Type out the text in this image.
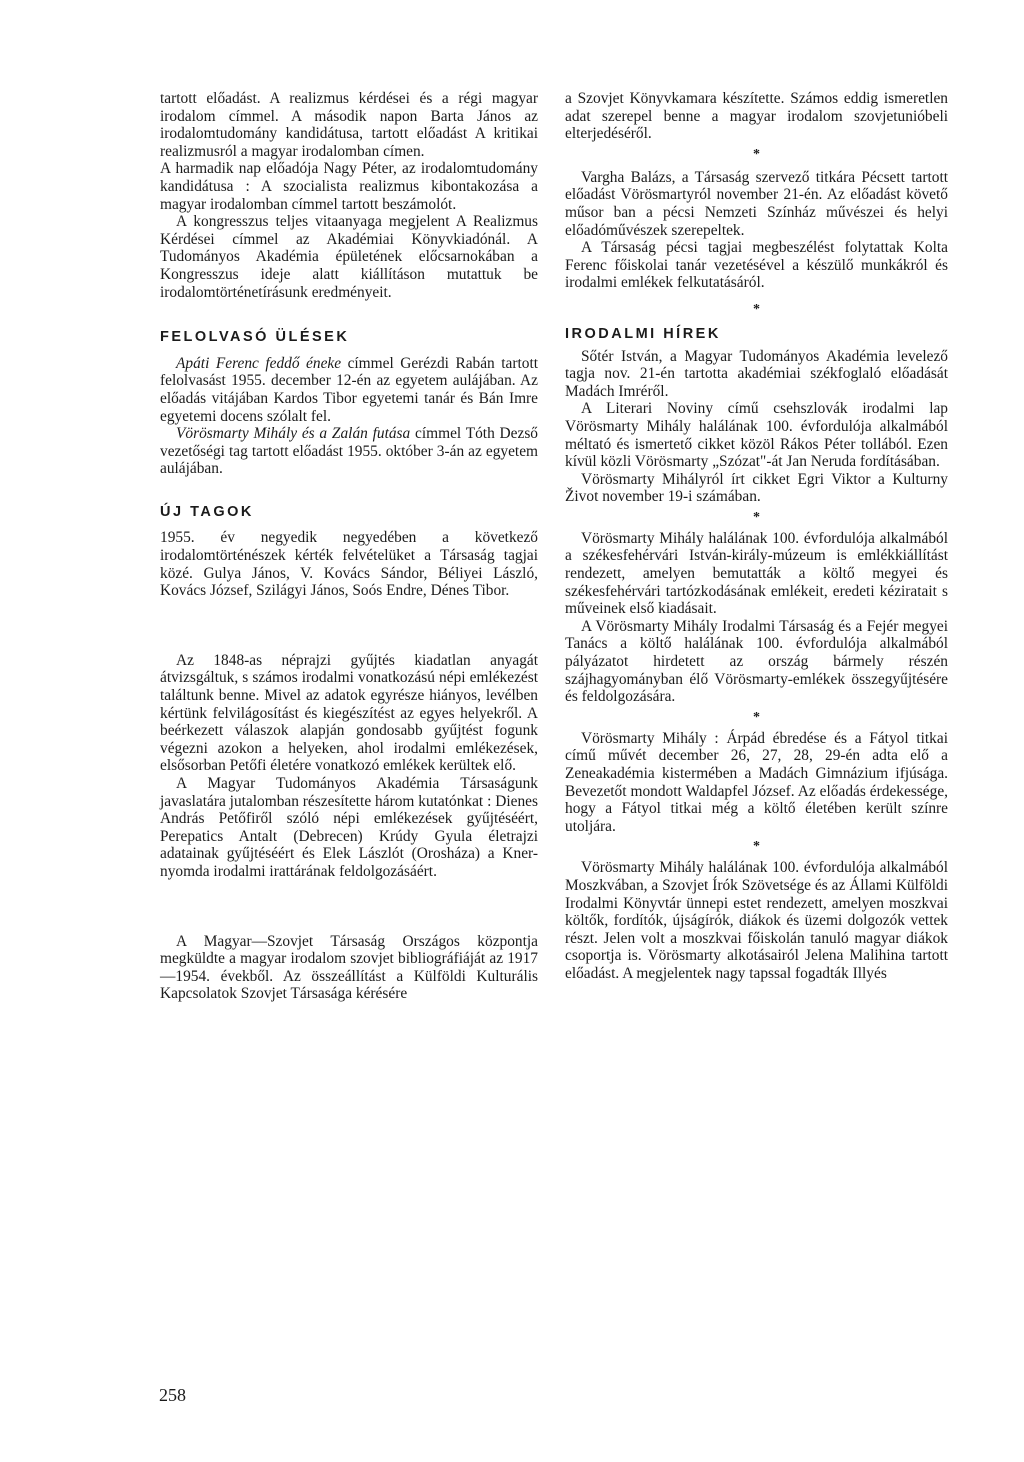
tartott előadást. A realizmus kérdései és a régi magyar irodalom címmel. A második napon Barta János az irodalomtudomány kandidátusa, tartott előadást A kritikai realizmusról a magyar irodalomban címen.

A harmadik nap előadója Nagy Péter, az irodalomtudomány kandidátusa : A szocialista realizmus kibontakozása a magyar irodalomban címmel tartott beszámolót.

A kongresszus teljes vitaanyaga megjelent A Realizmus Kérdései címmel az Akadémiai Könyvkiadónál. A Tudományos Akadémia épületének előcsarnokában a Kongresszus ideje alatt kiállításon mutattuk be irodalomtörténetírásunk eredményeit.

FELOLVASÓ ÜLÉSEK

Apáti Ferenc feddő éneke címmel Gerézdi Rabán tartott felolvasást 1955. december 12-én az egyetem aulájában. Az előadás vitájában Kardos Tibor egyetemi tanár és Bán Imre egyetemi docens szólalt fel.

Vörösmarty Mihály és a Zalán futása címmel Tóth Dezső vezetőségi tag tartott előadást 1955. október 3-án az egyetem aulájában.

ÚJ TAGOK

1955. év negyedik negyedében a következő irodalomtörténészek kérték felvételüket a Társaság tagjai közé. Gulya János, V. Kovács Sándor, Béliyei László, Kovács József, Szilágyi János, Soós Endre, Dénes Tibor.

Az 1848-as néprajzi gyűjtés kiadatlan anyagát átvizsgáltuk, s számos irodalmi vonatkozású népi emlékezést találtunk benne. Mivel az adatok egyrésze hiányos, levélben kértünk felvilágosítást és kiegészítést az egyes helyekről. A beérkezett válaszok alapján gondosabb gyűjtést fogunk végezni azokon a helyeken, ahol irodalmi emlékezések, elsősorban Petőfi életére vonatkozó emlékek kerültek elő.

A Magyar Tudományos Akadémia Társaságunk javaslatára jutalomban részesítette három kutatónkat : Dienes András Petőfiről szóló népi emlékezések gyűjtéséért, Perepatics Antalt (Debrecen) Krúdy Gyula életrajzi adatainak gyűjtéséért és Elek Lászlót (Orosháza) a Kner-nyomda irodalmi irattárának feldolgozásáért.

A Magyar—Szovjet Társaság Országos központja megküldte a magyar irodalom szovjet bibliográfiáját az 1917—1954. évekből. Az összeállítást a Külföldi Kulturális Kapcsolatok Szovjet Társasága kérésére

a Szovjet Könyvkamara készítette. Számos eddig ismeretlen adat szerepel benne a magyar irodalom szovjetunióbeli elterjedéséről.

*

Vargha Balázs, a Társaság szervező titkára Pécsett tartott előadást Vörösmartyról november 21-én. Az előadást követő műsor ban a pécsi Nemzeti Színház művészei és helyi előadóművészek szerepeltek.

A Társaság pécsi tagjai megbeszélést folytattak Kolta Ferenc főiskolai tanár vezetésével a készülő munkákról és irodalmi emlékek felkutatásáról.

*

IRODALMI HÍREK

Sőtér István, a Magyar Tudományos Akadémia levelező tagja nov. 21-én tartotta akadémiai székfoglaló előadását Madách Imréről.

A Literari Noviny című csehszlovák irodalmi lap Vörösmarty Mihály halálának 100. évfordulója alkalmából méltató és ismertető cikket közöl Rákos Péter tollából. Ezen kívül közli Vörösmarty „Szózat"-át Jan Neruda fordításában.

Vörösmarty Mihályról írt cikket Egri Viktor a Kulturny Život november 19-i számában.

*

Vörösmarty Mihály halálának 100. évfordulója alkalmából a székesfehérvári István-király-múzeum is emlékkiállítást rendezett, amelyen bemutatták a költő megyei és székesfehérvári tartózkodásának emlékeit, eredeti kéziratait s műveinek első kiadásait.

A Vörösmarty Mihály Irodalmi Társaság és a Fejér megyei Tanács a költő halálának 100. évfordulója alkalmából pályázatot hirdetett az ország bármely részén szájhagyományban élő Vörösmarty-emlékek összegyűjtésére és feldolgozására.

*

Vörösmarty Mihály : Árpád ébredése és a Fátyol titkai című művét december 26, 27, 28, 29-én adta elő a Zeneakadémia kistermében a Madách Gimnázium ifjúsága. Bevezetőt mondott Waldapfel József. Az előadás érdekessége, hogy a Fátyol titkai még a költő életében került színre utoljára.

*

Vörösmarty Mihály halálának 100. évfordulója alkalmából Moszkvában, a Szovjet Írók Szövetsége és az Állami Külföldi Irodalmi Könyvtár ünnepi estet rendezett, amelyen moszkvai költők, fordítók, újságírók, diákok és üzemi dolgozók vettek részt. Jelen volt a moszkvai főiskolán tanuló magyar diákok csoportja is. Vörösmarty alkotásairól Jelena Malihina tartott előadást. A megjelentek nagy tapssal fogadták Illyés

258
